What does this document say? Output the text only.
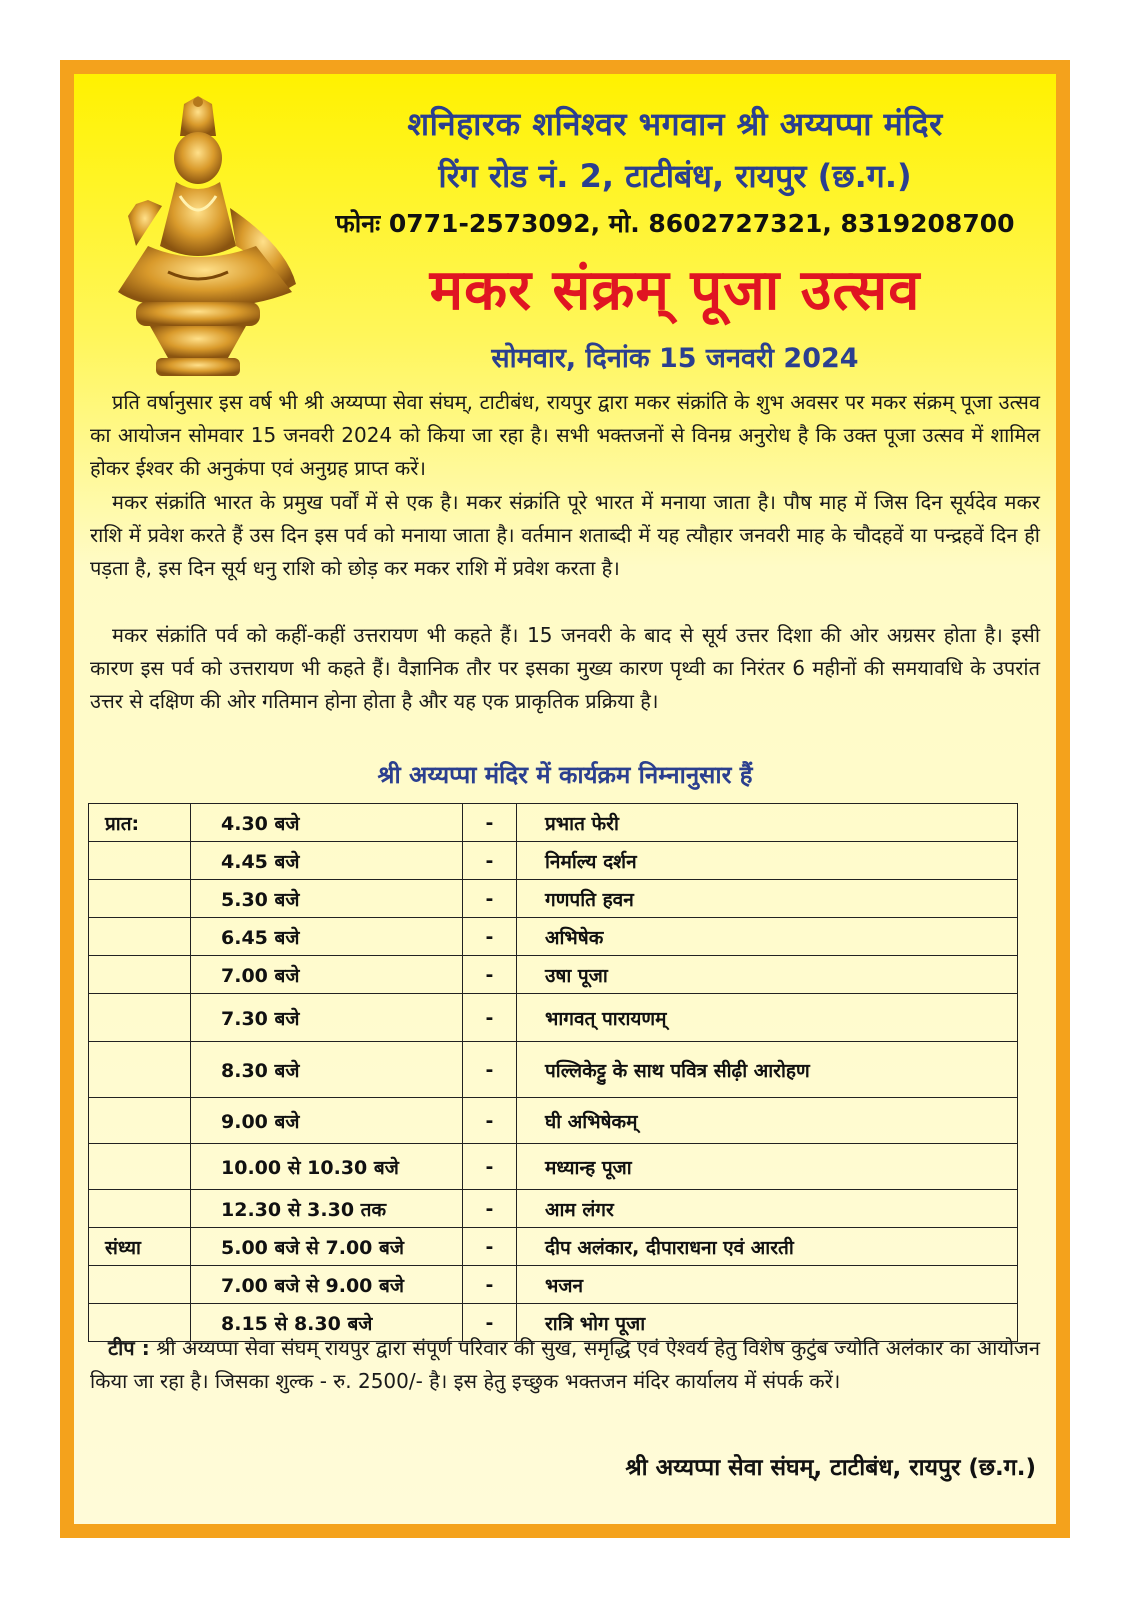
शनिहारक शनिश्वर भगवान श्री अय्यप्पा मंदिर
रिंग रोड नं. 2, टाटीबंध, रायपुर (छ.ग.)
फोनः 0771-2573092, मो. 8602727321, 8319208700
मकर संक्रम् पूजा उत्सव
सोमवार, दिनांक 15 जनवरी 2024

प्रति वर्षानुसार इस वर्ष भी श्री अय्यप्पा सेवा संघम्, टाटीबंध, रायपुर द्वारा मकर संक्रांति के शुभ अवसर पर मकर संक्रम् पूजा उत्सव का आयोजन सोमवार 15 जनवरी 2024 को किया जा रहा है। सभी भक्तजनों से विनम्र अनुरोध है कि उक्त पूजा उत्सव में शामिल होकर ईश्वर की अनुकंपा एवं अनुग्रह प्राप्त करें।

मकर संक्रांति भारत के प्रमुख पर्वों में से एक है। मकर संक्रांति पूरे भारत में मनाया जाता है। पौष माह में जिस दिन सूर्यदेव मकर राशि में प्रवेश करते हैं उस दिन इस पर्व को मनाया जाता है। वर्तमान शताब्दी में यह त्यौहार जनवरी माह के चौदहवें या पन्द्रहवें दिन ही पड़ता है, इस दिन सूर्य धनु राशि को छोड़ कर मकर राशि में प्रवेश करता है।

मकर संक्रांति पर्व को कहीं-कहीं उत्तरायण भी कहते हैं। 15 जनवरी के बाद से सूर्य उत्तर दिशा की ओर अग्रसर होता है। इसी कारण इस पर्व को उत्तरायण भी कहते हैं। वैज्ञानिक तौर पर इसका मुख्य कारण पृथ्वी का निरंतर 6 महीनों की समयावधि के उपरांत उत्तर से दक्षिण की ओर गतिमान होना होता है और यह एक प्राकृतिक प्रक्रिया है।

श्री अय्यप्पा मंदिर में कार्यक्रम निम्नानुसार हैं
प्रात:	4.30 बजे	-	प्रभात फेरी
	4.45 बजे	-	निर्माल्य दर्शन
	5.30 बजे	-	गणपति हवन
	6.45 बजे	-	अभिषेक
	7.00 बजे	-	उषा पूजा
	7.30 बजे	-	भागवत् पारायणम्
	8.30 बजे	-	पल्लिकेट्टु के साथ पवित्र सीढ़ी आरोहण
	9.00 बजे	-	घी अभिषेकम्
	10.00 से 10.30 बजे	-	मध्यान्ह पूजा
	12.30 से 3.30 तक	-	आम लंगर
संध्या	5.00 बजे से 7.00 बजे	-	दीप अलंकार, दीपाराधना एवं आरती
	7.00 बजे से 9.00 बजे	-	भजन
	8.15 से 8.30 बजे	-	रात्रि भोग पूजा

टीप : श्री अय्यप्पा सेवा संघम् रायपुर द्वारा संपूर्ण परिवार की सुख, समृद्धि एवं ऐश्वर्य हेतु विशेष कुटुंब ज्योति अलंकार का आयोजन किया जा रहा है। जिसका शुल्क - रु. 2500/- है। इस हेतु इच्छुक भक्तजन मंदिर कार्यालय में संपर्क करें।

श्री अय्यप्पा सेवा संघम्, टाटीबंध, रायपुर (छ.ग.)
